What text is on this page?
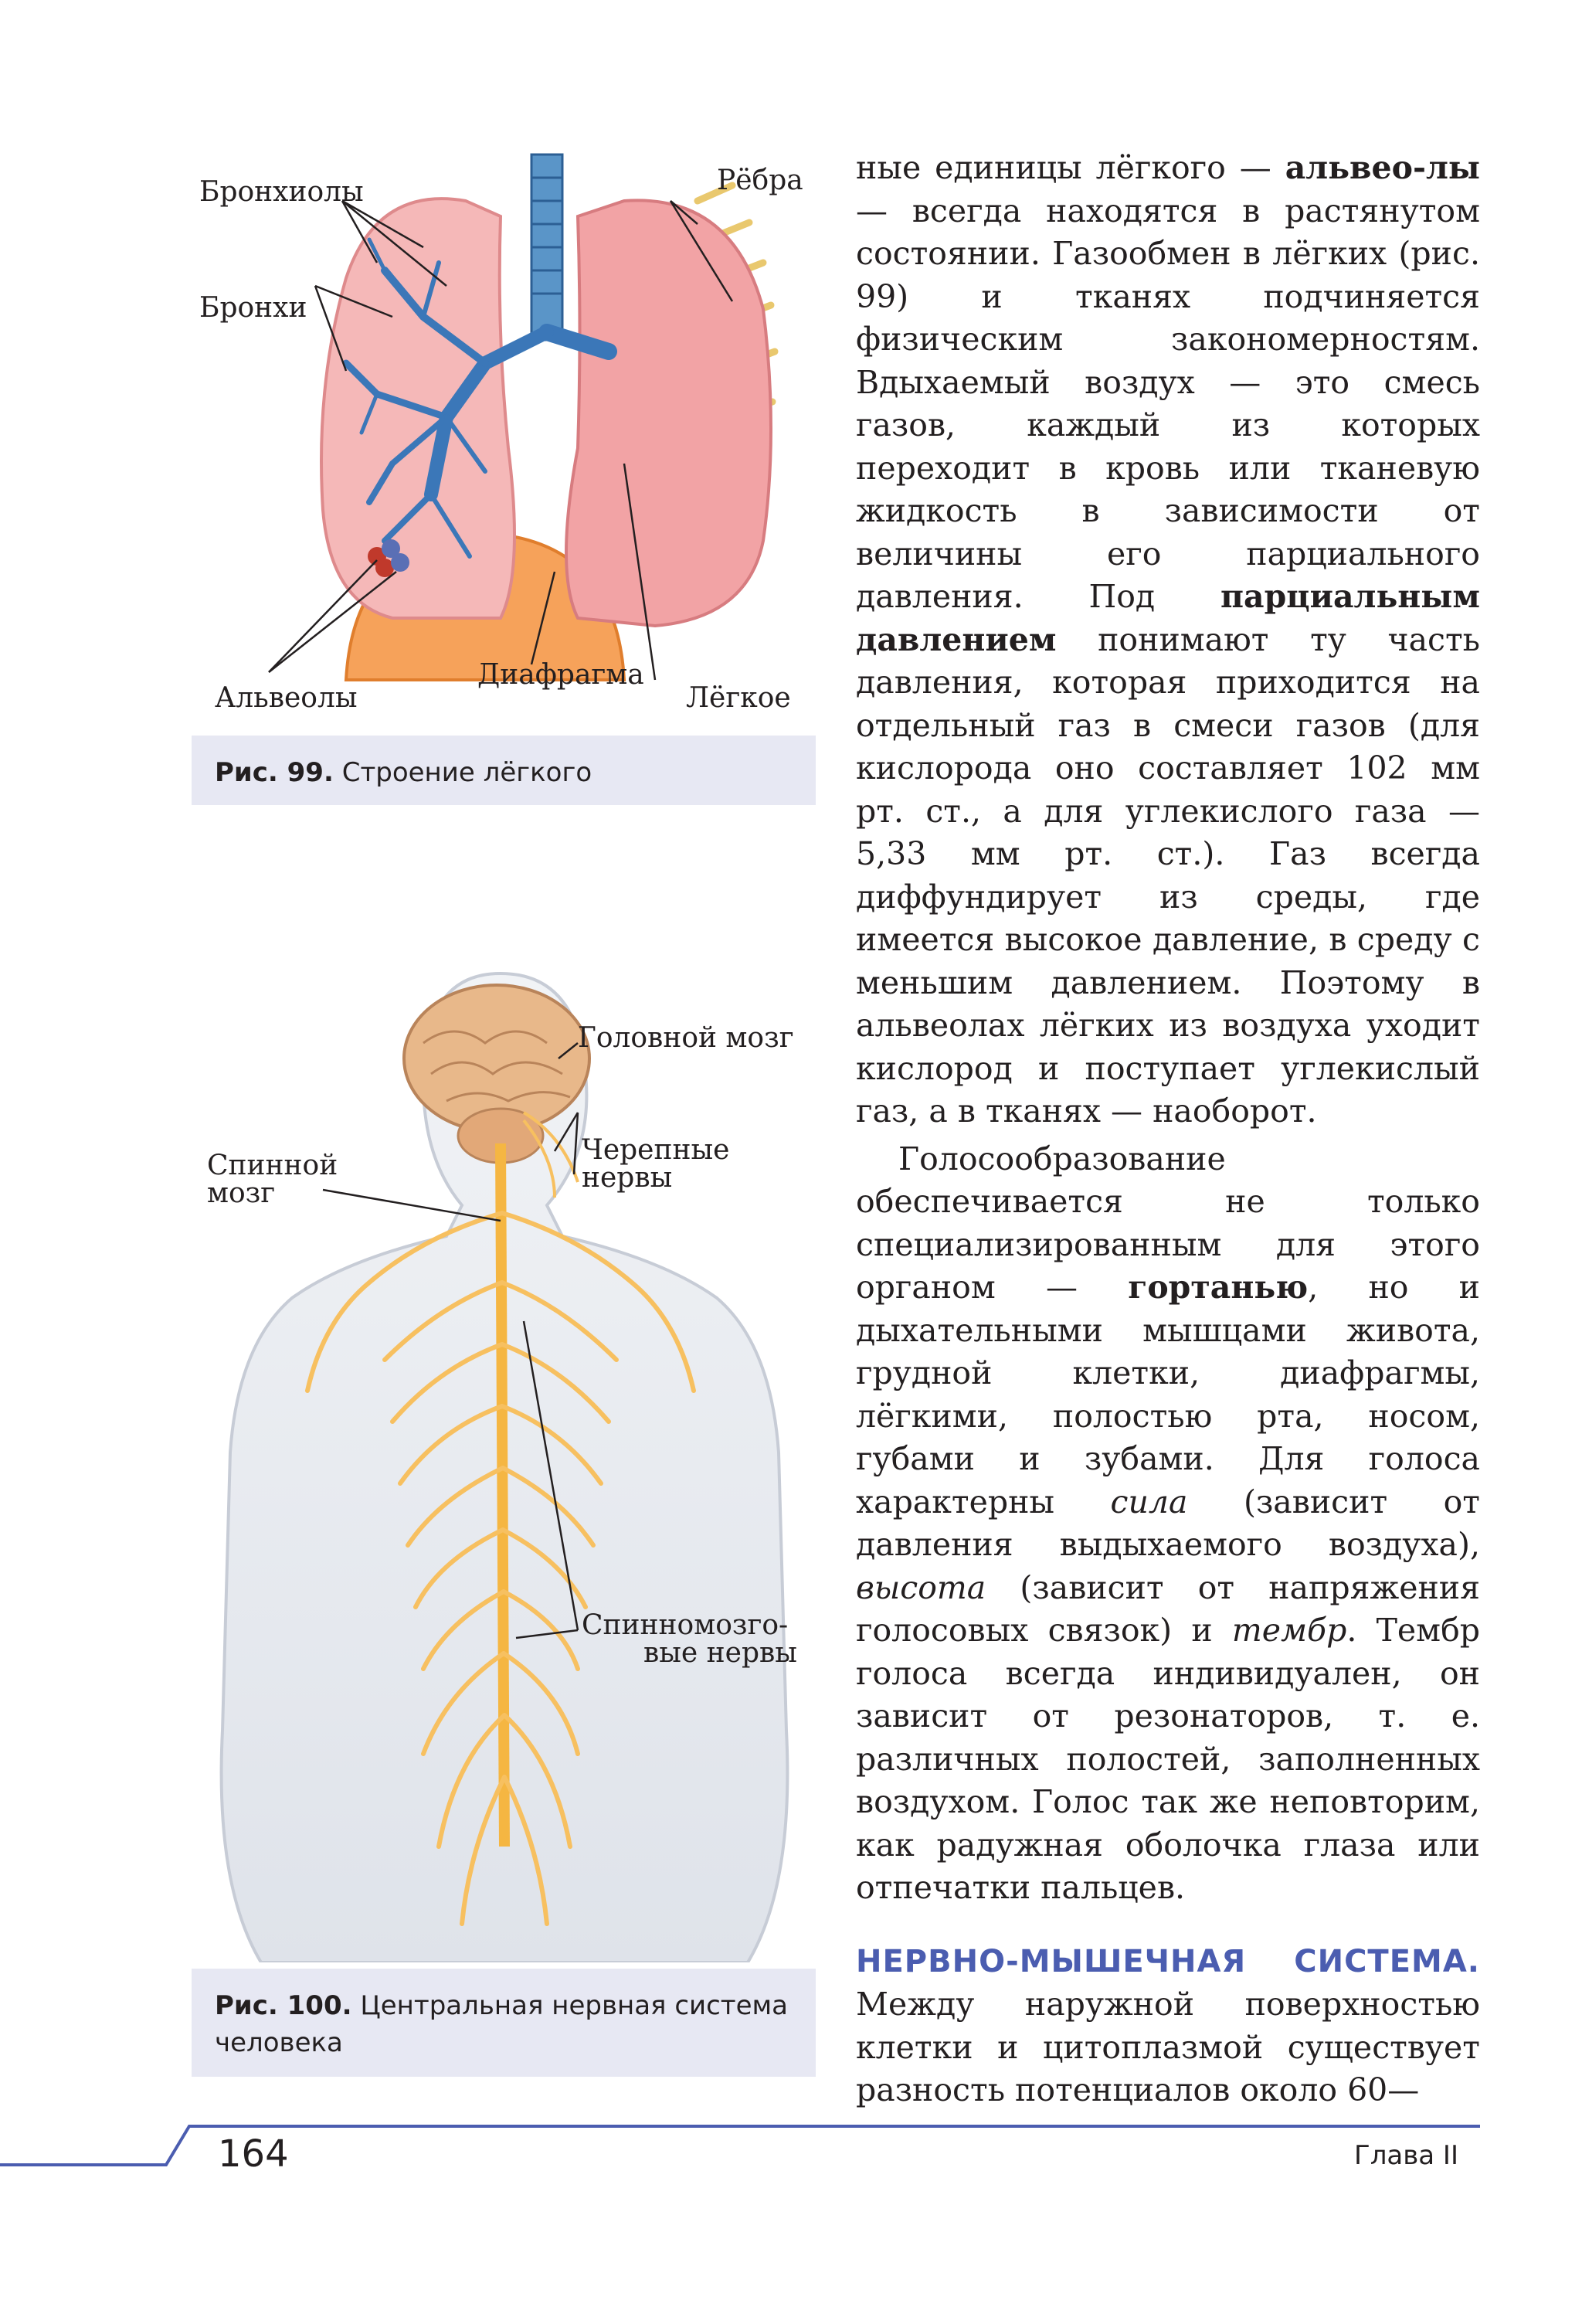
Бронхиолы
Бронхи
Рёбра
Альвеолы
Диафрагма
Лёгкое
Рис. 99. Строение лёгкого
Головной мозг
Черепные
нервы
Спинной
мозг
Спинномозго-
вые нервы
Рис. 100. Центральная нервная система
человека

ные единицы лёгкого — альвео-лы — всегда находятся в растянутом состоянии. Газообмен в лёгких (рис. 99) и тканях подчиняется физическим закономерностям. Вдыхаемый воздух — это смесь газов, каждый из которых переходит в кровь или тканевую жидкость в зависимости от величины его парциального давления. Под парциальным давлением понимают ту часть давления, которая приходится на отдельный газ в смеси газов (для кислорода оно составляет 102 мм рт. ст., а для углекислого газа — 5,33 мм рт. ст.). Газ всегда диффундирует из среды, где имеется высокое давление, в среду с меньшим давлением. Поэтому в альвеолах лёгких из воздуха уходит кислород и поступает углекислый газ, а в тканях — наоборот.

Голосообразование обеспечивается не только специализированным для этого органом — гортанью, но и дыхательными мышцами живота, грудной клетки, диафрагмы, лёгкими, полостью рта, носом, губами и зубами. Для голоса характерны сила (зависит от давления выдыхаемого воздуха), высота (зависит от напряжения голосовых связок) и тембр. Тембр голоса всегда индивидуален, он зависит от резонаторов, т. е. различных полостей, заполненных воздухом. Голос так же неповторим, как радужная оболочка глаза или отпечатки пальцев.

НЕРВНО-МЫШЕЧНАЯ СИСТЕМА.

Между наружной поверхностью клетки и цитоплазмой существует разность потенциалов около 60—

164	Глава II
